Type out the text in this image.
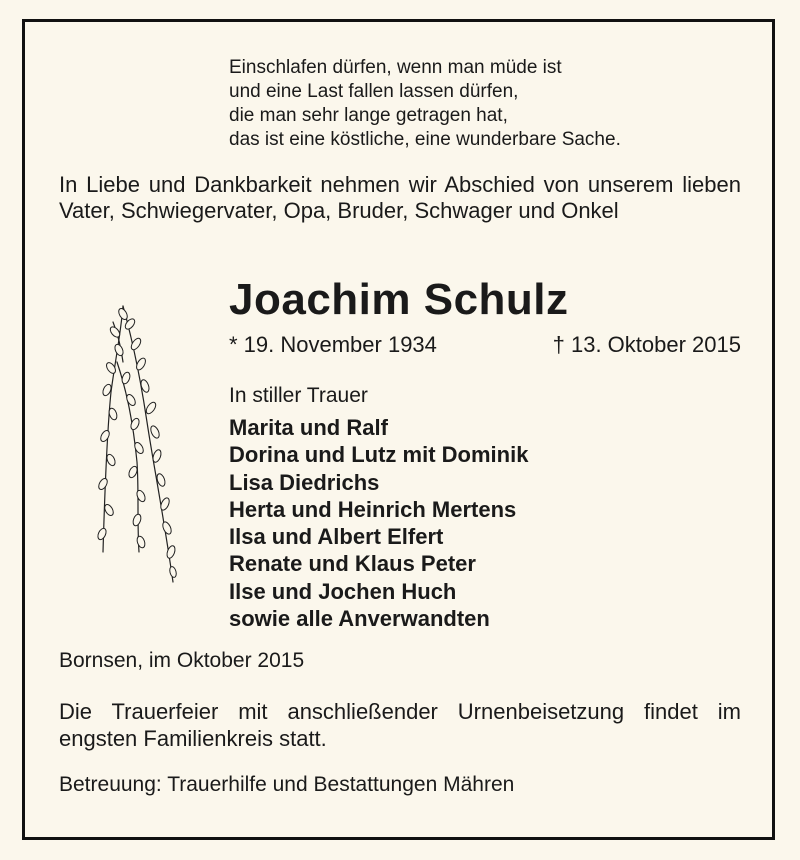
Einschlafen dürfen, wenn man müde ist
und eine Last fallen lassen dürfen,
die man sehr lange getragen hat,
das ist eine köstliche, eine wunderbare Sache.
In Liebe und Dankbarkeit nehmen wir Abschied von unserem lieben Vater, Schwiegervater, Opa, Bruder, Schwager und Onkel
Joachim Schulz
* 19. November 1934	† 13. Oktober 2015
In stiller Trauer
Marita und Ralf
Dorina und Lutz mit Dominik
Lisa Diedrichs
Herta und Heinrich Mertens
Ilsa und Albert Elfert
Renate und Klaus Peter
Ilse und Jochen Huch
sowie alle Anverwandten
Bornsen, im Oktober 2015
Die Trauerfeier mit anschließender Urnenbeisetzung findet im engsten Familienkreis statt.
Betreuung: Trauerhilfe und Bestattungen Mähren
